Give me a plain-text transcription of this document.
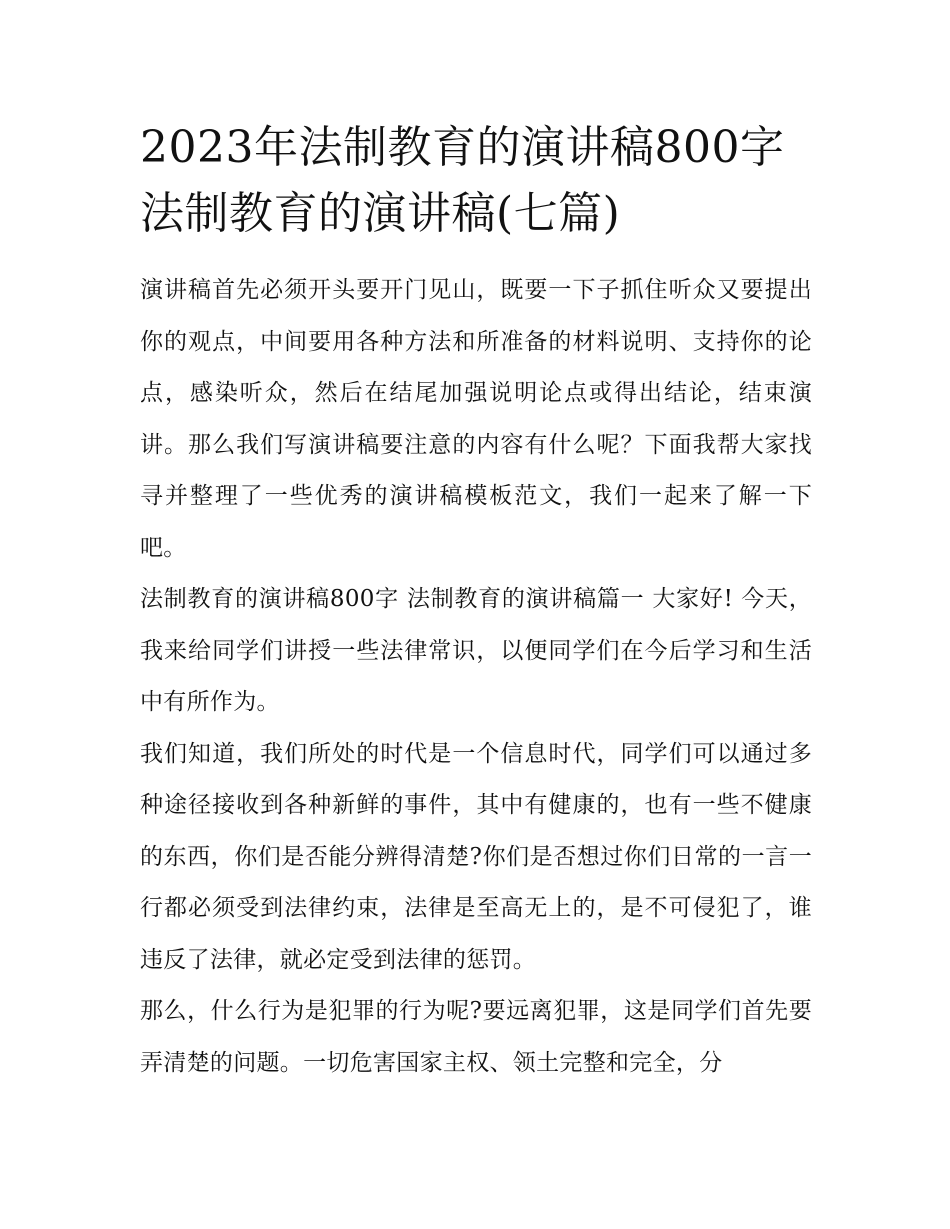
2023年法制教育的演讲稿800字 法制教育的演讲稿(七篇)

演讲稿首先必须开头要开门见山，既要一下子抓住听众又要提出你的观点，中间要用各种方法和所准备的材料说明、支持你的论点，感染听众，然后在结尾加强说明论点或得出结论，结束演讲。那么我们写演讲稿要注意的内容有什么呢？下面我帮大家找寻并整理了一些优秀的演讲稿模板范文，我们一起来了解一下吧。

法制教育的演讲稿800字 法制教育的演讲稿篇一 大家好! 今天，我来给同学们讲授一些法律常识，以便同学们在今后学习和生活中有所作为。

我们知道，我们所处的时代是一个信息时代，同学们可以通过多种途径接收到各种新鲜的事件，其中有健康的，也有一些不健康的东西，你们是否能分辨得清楚?你们是否想过你们日常的一言一行都必须受到法律约束，法律是至高无上的，是不可侵犯了，谁违反了法律，就必定受到法律的惩罚。

那么，什么行为是犯罪的行为呢?要远离犯罪，这是同学们首先要弄清楚的问题。一切危害国家主权、领土完整和完全，分
